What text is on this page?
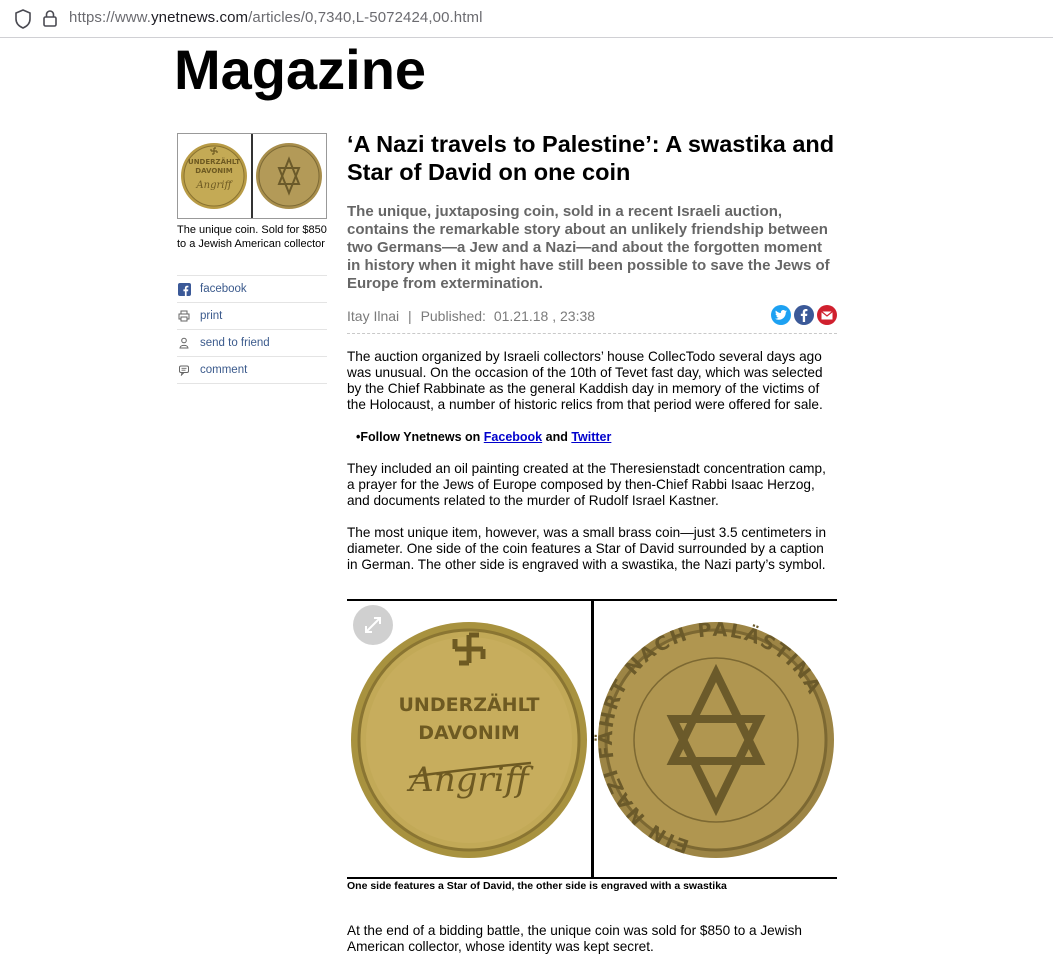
https://www.ynetnews.com/articles/0,7340,L-5072424,00.html
Magazine
UNDERZÄHLT
DAVONIM
Angriff
The unique coin. Sold for $850 to a Jewish American collector
facebook
print
send to friend
comment
‘A Nazi travels to Palestine’: A swastika and Star of David on one coin
The unique, juxtaposing coin, sold in a recent Israeli auction, contains the remarkable story about an unlikely friendship between two Germans—a Jew and a Nazi—and about the forgotten moment in history when it might have still been possible to save the Jews of Europe from extermination.
Itay Ilnai | Published: 01.21.18 , 23:38

The auction organized by Israeli collectors’ house CollecTodo several days ago was unusual. On the occasion of the 10th of Tevet fast day, which was selected by the Chief Rabbinate as the general Kaddish day in memory of the victims of the Holocaust, a number of historic relics from that period were offered for sale.

•Follow Ynetnews on Facebook and Twitter

They included an oil painting created at the Theresienstadt concentration camp, a prayer for the Jews of Europe composed by then-Chief Rabbi Isaac Herzog, and documents related to the murder of Rudolf Israel Kastner.

The most unique item, however, was a small brass coin—just 3.5 centimeters in diameter. One side of the coin features a Star of David surrounded by a caption in German. The other side is engraved with a swastika, the Nazi party’s symbol.

UNDERZÄHLT
DAVONIM
Angriff
EIN NAZI FÄHRT NACH PALÄSTINA
One side features a Star of David, the other side is engraved with a swastika

At the end of a bidding battle, the unique coin was sold for $850 to a Jewish American collector, whose identity was kept secret.
